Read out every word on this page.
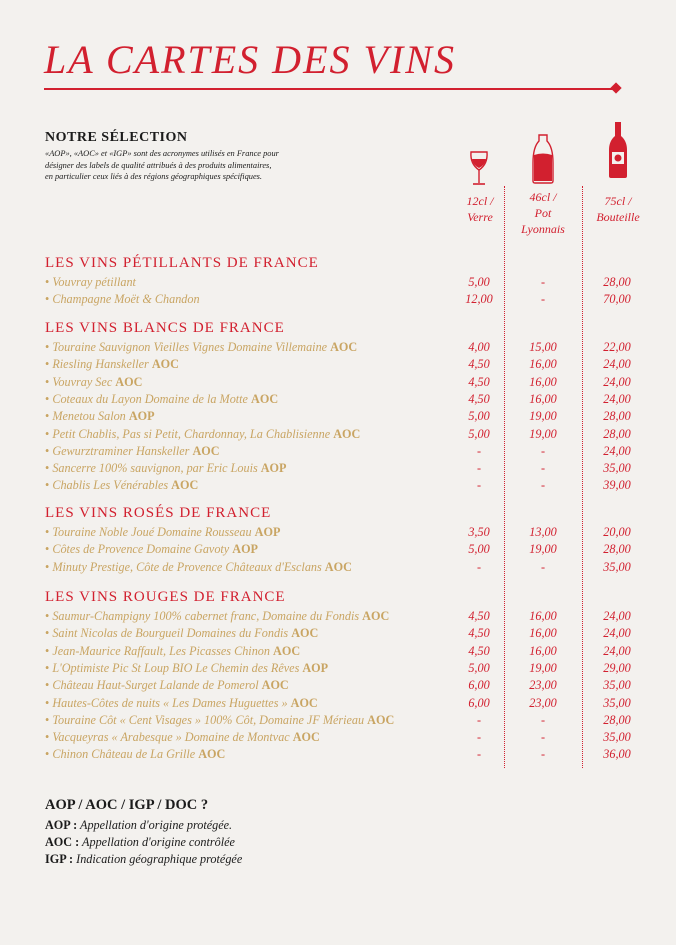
LA CARTES DES VINS
NOTRE SÉLECTION
«AOP», «AOC» et «IGP» sont des acronymes utilisés en France pour
désigner des labels de qualité attribués à des produits alimentaires,
en particulier ceux liés à des régions géographiques spécifiques.
12cl /
Verre
46cl /
Pot
Lyonnais
75cl /
Bouteille
LES VINS PÉTILLANTS DE FRANCE
• Vouvray pétillant	5,00	-	28,00
• Champagne Moët & Chandon	12,00	-	70,00
LES VINS BLANCS DE FRANCE
• Touraine Sauvignon Vieilles Vignes Domaine Villemaine AOC	4,00	15,00	22,00
• Riesling Hanskeller AOC	4,50	16,00	24,00
• Vouvray Sec AOC	4,50	16,00	24,00
• Coteaux du Layon Domaine de la Motte AOC	4,50	16,00	24,00
• Menetou Salon AOP	5,00	19,00	28,00
• Petit Chablis, Pas si Petit, Chardonnay, La Chablisienne AOC	5,00	19,00	28,00
• Gewurztraminer Hanskeller AOC	-	-	24,00
• Sancerre 100% sauvignon, par Eric Louis AOP	-	-	35,00
• Chablis Les Vénérables AOC	-	-	39,00
LES VINS ROSÉS DE FRANCE
• Touraine Noble Joué Domaine Rousseau AOP	3,50	13,00	20,00
• Côtes de Provence Domaine Gavoty AOP	5,00	19,00	28,00
• Minuty Prestige, Côte de Provence Châteaux d'Esclans AOC	-	-	35,00
LES VINS ROUGES DE FRANCE
• Saumur-Champigny 100% cabernet franc, Domaine du Fondis AOC	4,50	16,00	24,00
• Saint Nicolas de Bourgueil Domaines du Fondis AOC	4,50	16,00	24,00
• Jean-Maurice Raffault, Les Picasses Chinon AOC	4,50	16,00	24,00
• L'Optimiste Pic St Loup BIO Le Chemin des Rêves AOP	5,00	19,00	29,00
• Château Haut-Surget Lalande de Pomerol AOC	6,00	23,00	35,00
• Hautes-Côtes de nuits « Les Dames Huguettes » AOC	6,00	23,00	35,00
• Touraine Côt « Cent Visages » 100% Côt, Domaine JF Mérieau AOC	-	-	28,00
• Vacqueyras « Arabesque » Domaine de Montvac AOC	-	-	35,00
• Chinon Château de La Grille AOC	-	-	36,00
AOP / AOC / IGP / DOC ?
AOP : Appellation d'origine protégée.
AOC : Appellation d'origine contrôlée
IGP : Indication géographique protégée
